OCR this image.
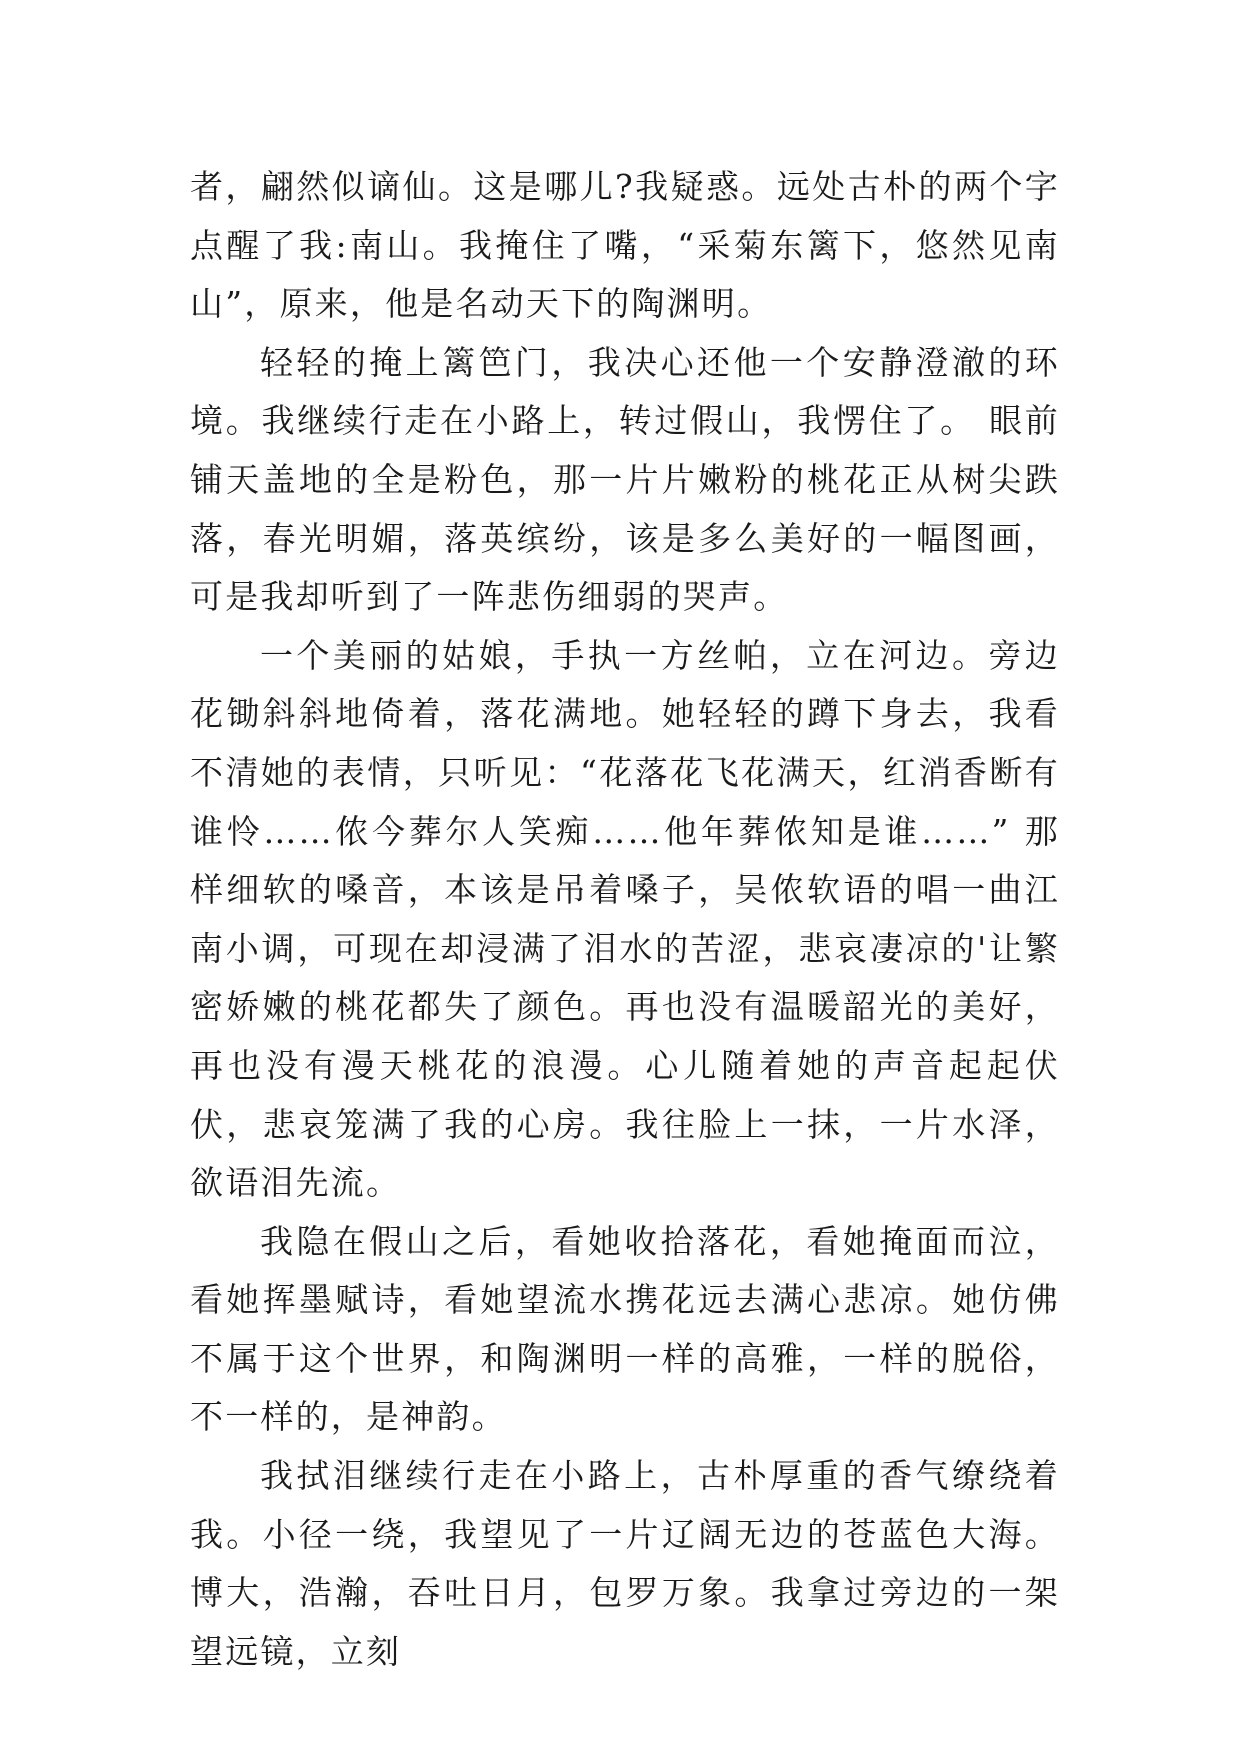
者，翩然似谪仙。这是哪儿?我疑惑。远处古朴的两个字点醒了我:南山。我掩住了嘴，“采菊东篱下，悠然见南山”，原来，他是名动天下的陶渊明。

轻轻的掩上篱笆门，我决心还他一个安静澄澈的环境。我继续行走在小路上，转过假山，我愣住了。 眼前铺天盖地的全是粉色，那一片片嫩粉的桃花正从树尖跌落，春光明媚，落英缤纷，该是多么美好的一幅图画，可是我却听到了一阵悲伤细弱的哭声。

一个美丽的姑娘，手执一方丝帕，立在河边。旁边花锄斜斜地倚着，落花满地。她轻轻的蹲下身去，我看不清她的表情，只听见：“花落花飞花满天，红消香断有谁怜……侬今葬尔人笑痴……他年葬侬知是谁……” 那样细软的嗓音，本该是吊着嗓子，吴侬软语的唱一曲江南小调，可现在却浸满了泪水的苦涩，悲哀凄凉的'让繁密娇嫩的桃花都失了颜色。再也没有温暖韶光的美好，再也没有漫天桃花的浪漫。心儿随着她的声音起起伏伏，悲哀笼满了我的心房。我往脸上一抹，一片水泽，欲语泪先流。

我隐在假山之后，看她收拾落花，看她掩面而泣，看她挥墨赋诗，看她望流水携花远去满心悲凉。她仿佛不属于这个世界，和陶渊明一样的高雅，一样的脱俗，不一样的，是神韵。

我拭泪继续行走在小路上，古朴厚重的香气缭绕着我。小径一绕，我望见了一片辽阔无边的苍蓝色大海。博大，浩瀚，吞吐日月，包罗万象。我拿过旁边的一架望远镜，立刻
